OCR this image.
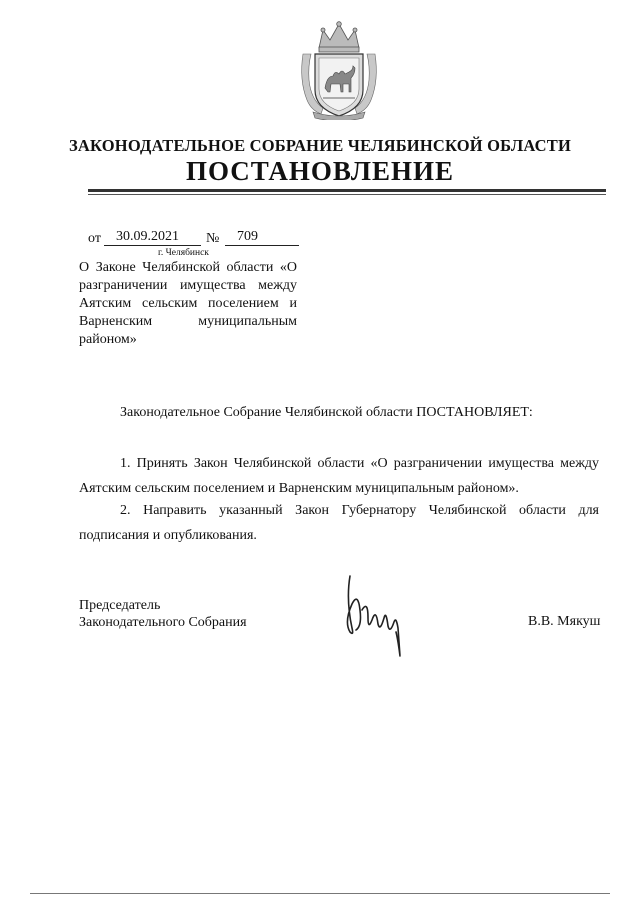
ЗАКОНОДАТЕЛЬНОЕ СОБРАНИЕ ЧЕЛЯБИНСКОЙ ОБЛАСТИ
ПОСТАНОВЛЕНИЕ
от 30.09.2021 № 709
г. Челябинск
О Законе Челябинской области «О разграничении имущества между Аятским сельским поселением и Варненским муниципальным районом»
Законодательное Собрание Челябинской области ПОСТАНОВЛЯЕТ:
1. Принять Закон Челябинской области «О разграничении имущества между Аятским сельским поселением и Варненским муниципальным районом».
2. Направить указанный Закон Губернатору Челябинской области для подписания и опубликования.
Председатель
Законодательного Собрания	В.В. Мякуш
